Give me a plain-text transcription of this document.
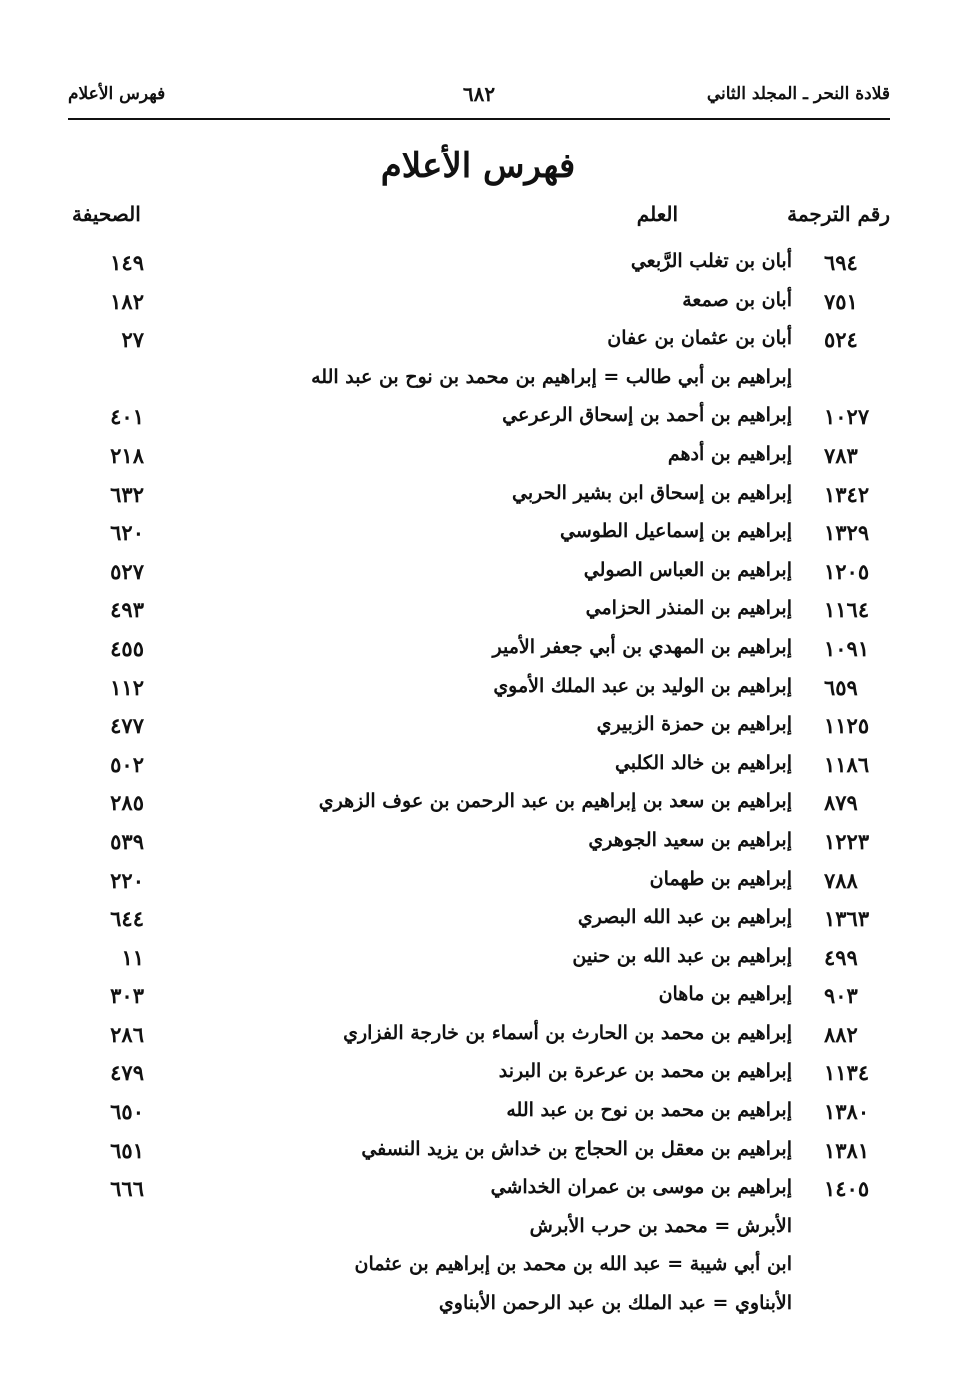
قلادة النحر ـ المجلد الثاني
٦٨٢
فهرس الأعلام
فهرس الأعلام
رقم الترجمة
العلم
الصحيفة
٦٩٤
أبان بن تغلب الرَّبعي
١٤٩
٧٥١
أبان بن صمعة
١٨٢
٥٢٤
أبان بن عثمان بن عفان
٢٧
إبراهيم بن أبي طالب = إبراهيم بن محمد بن نوح بن عبد الله
١٠٢٧
إبراهيم بن أحمد بن إسحاق الرعرعي
٤٠١
٧٨٣
إبراهيم بن أدهم
٢١٨
١٣٤٢
إبراهيم بن إسحاق ابن بشير الحربي
٦٣٢
١٣٢٩
إبراهيم بن إسماعيل الطوسي
٦٢٠
١٢٠٥
إبراهيم بن العباس الصولي
٥٢٧
١١٦٤
إبراهيم بن المنذر الحزامي
٤٩٣
١٠٩١
إبراهيم بن المهدي بن أبي جعفر الأمير
٤٥٥
٦٥٩
إبراهيم بن الوليد بن عبد الملك الأموي
١١٢
١١٢٥
إبراهيم بن حمزة الزبيري
٤٧٧
١١٨٦
إبراهيم بن خالد الكلبي
٥٠٢
٨٧٩
إبراهيم بن سعد بن إبراهيم بن عبد الرحمن بن عوف الزهري
٢٨٥
١٢٢٣
إبراهيم بن سعيد الجوهري
٥٣٩
٧٨٨
إبراهيم بن طهمان
٢٢٠
١٣٦٣
إبراهيم بن عبد الله البصري
٦٤٤
٤٩٩
إبراهيم بن عبد الله بن حنين
١١
٩٠٣
إبراهيم بن ماهان
٣٠٣
٨٨٢
إبراهيم بن محمد بن الحارث بن أسماء بن خارجة الفزاري
٢٨٦
١١٣٤
إبراهيم بن محمد بن عرعرة بن البرند
٤٧٩
١٣٨٠
إبراهيم بن محمد بن نوح بن عبد الله
٦٥٠
١٣٨١
إبراهيم بن معقل بن الحجاج بن خداش بن يزيد النسفي
٦٥١
١٤٠٥
إبراهيم بن موسى بن عمران الخداشي
٦٦٦
الأبرش = محمد بن حرب الأبرش
ابن أبي شيبة = عبد الله بن محمد بن إبراهيم بن عثمان
الأبناوي = عبد الملك بن عبد الرحمن الأبناوي
